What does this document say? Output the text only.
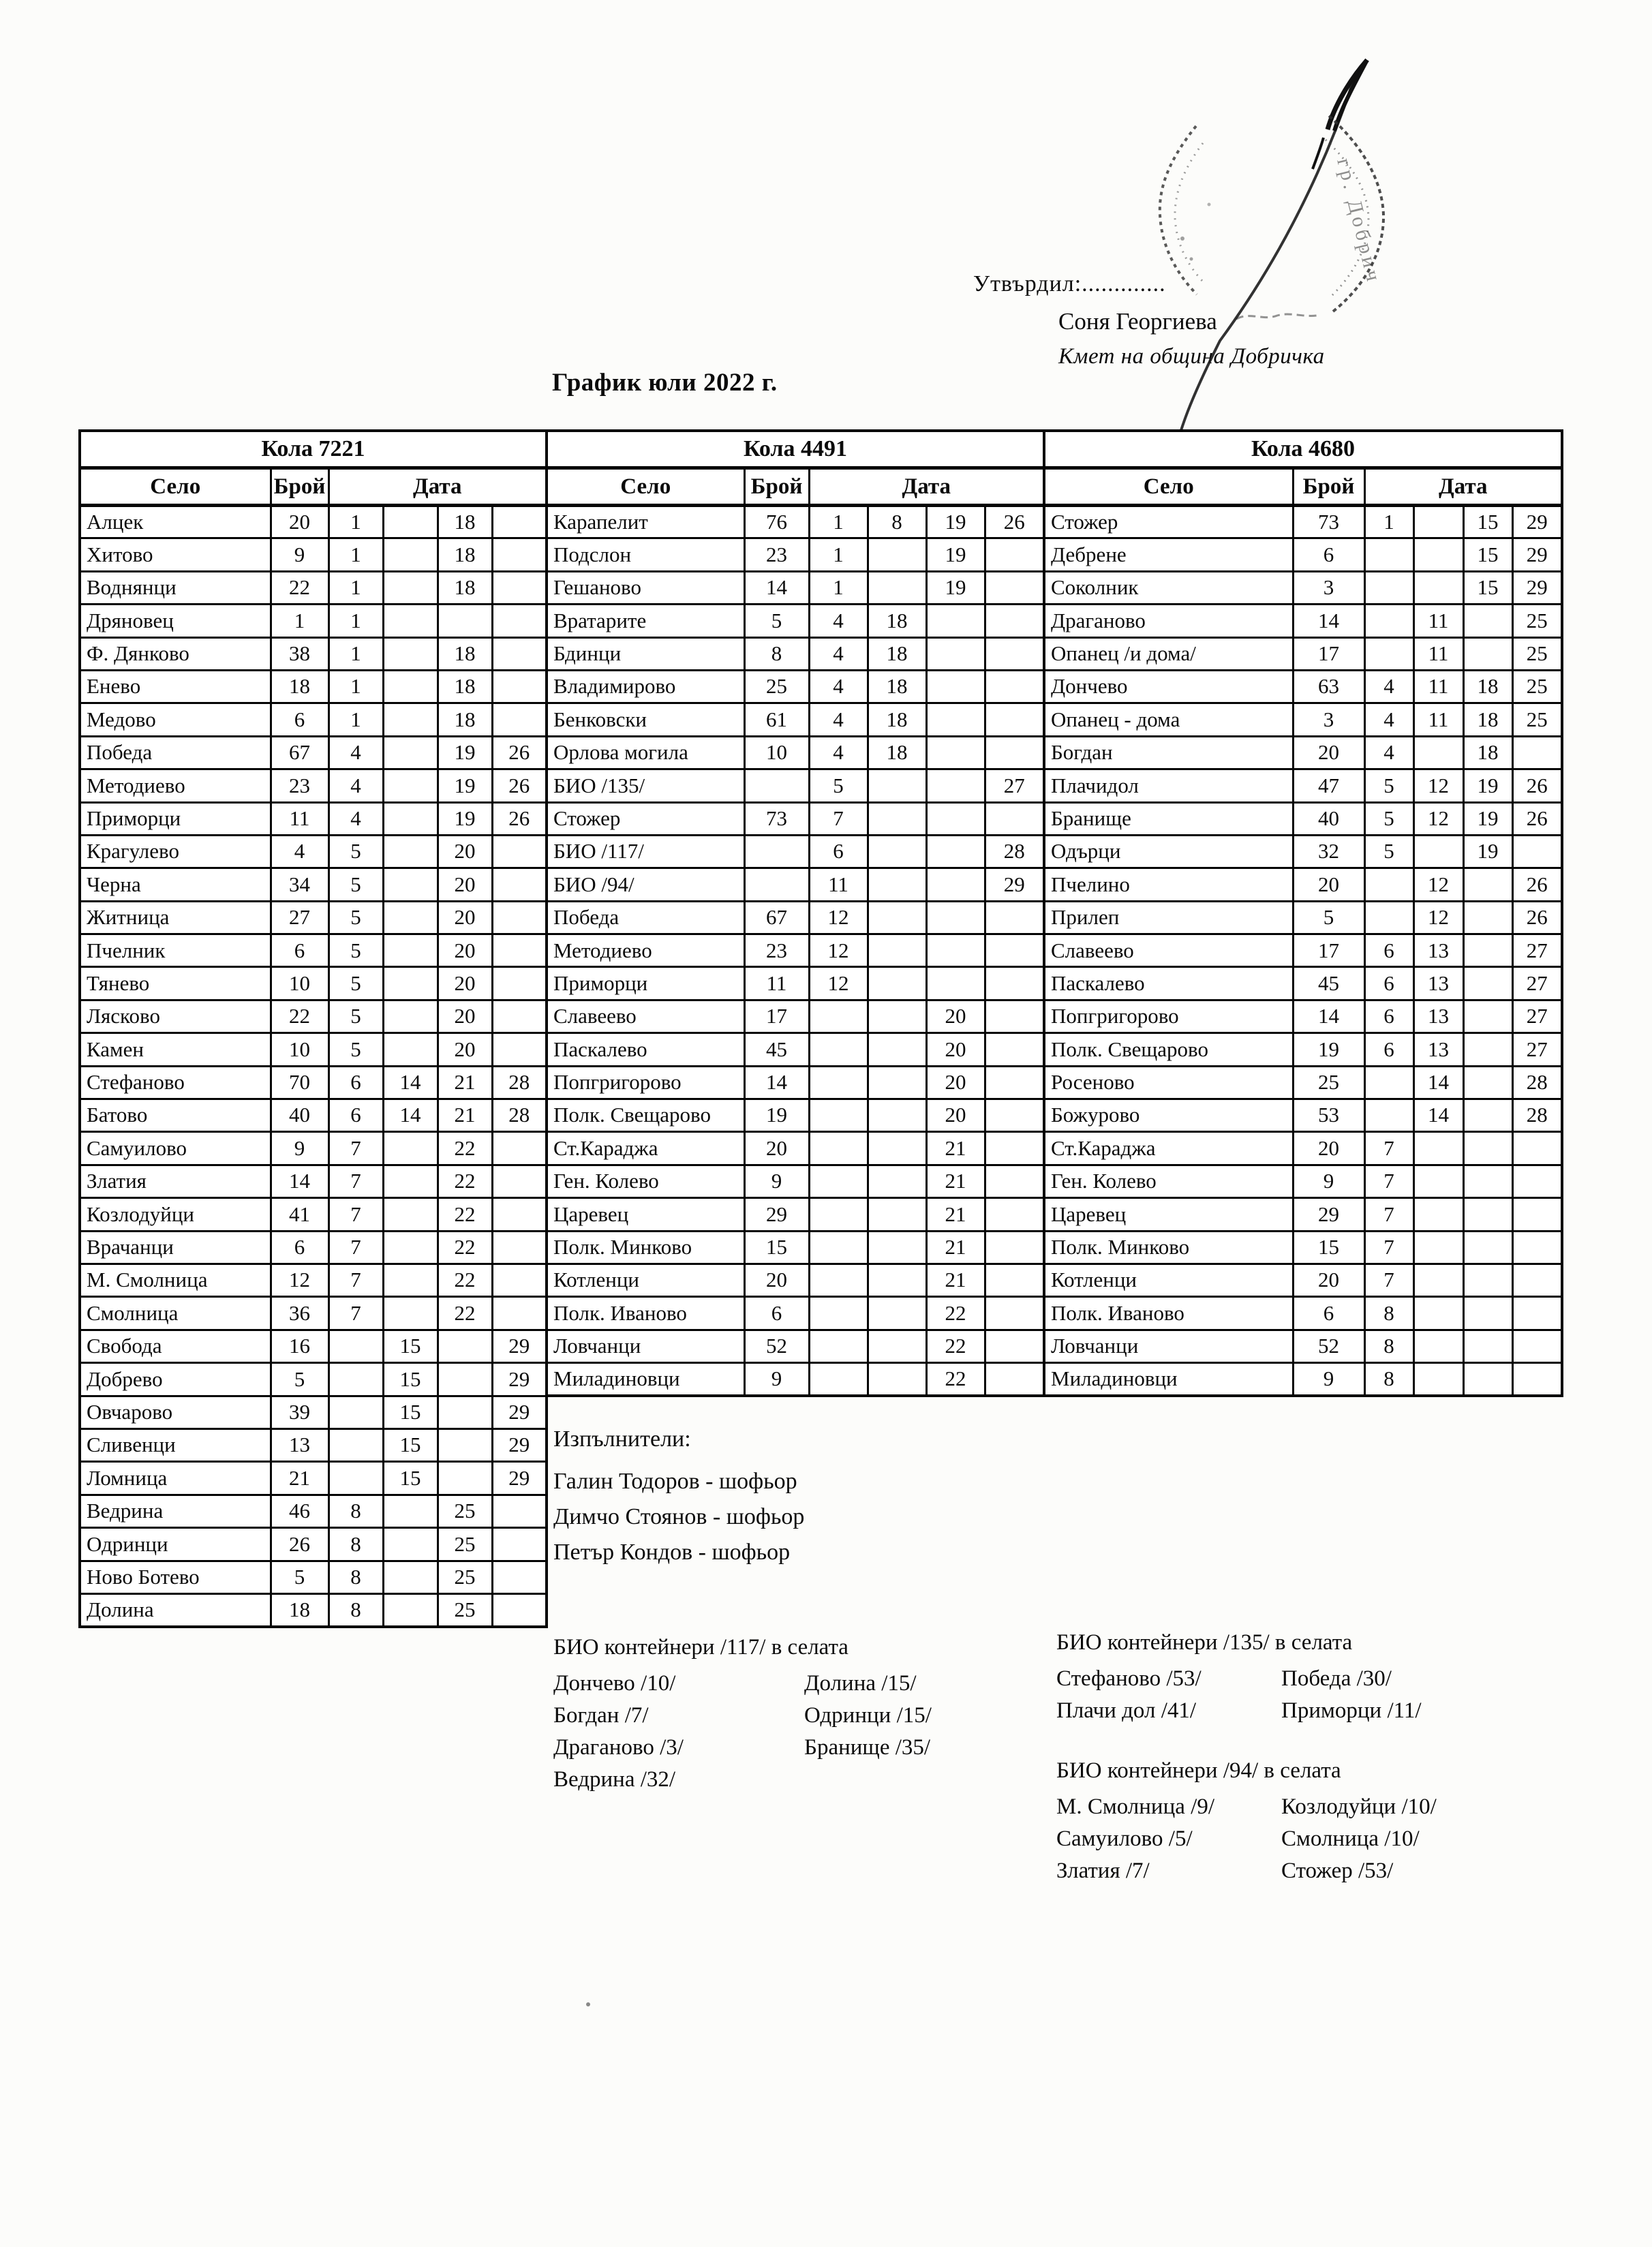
Утвърдил:.............
Соня Георгиева
Кмет на община Добричка
График юли 2022 г.
гр. Добрич
Кола 7221					
Село	Брой	Дата			
Алцек	20	1		18	
Хитово	9	1		18	
Воднянци	22	1		18	
Дряновец	1	1			
Ф. Дянково	38	1		18	
Енево	18	1		18	
Медово	6	1		18	
Победа	67	4		19	26
Методиево	23	4		19	26
Приморци	11	4		19	26
Крагулево	4	5		20	
Черна	34	5		20	
Житница	27	5		20	
Пчелник	6	5		20	
Тянево	10	5		20	
Лясково	22	5		20	
Камен	10	5		20	
Стефаново	70	6	14	21	28
Батово	40	6	14	21	28
Самуилово	9	7		22	
Златия	14	7		22	
Козлодуйци	41	7		22	
Врачанци	6	7		22	
М. Смолница	12	7		22	
Смолница	36	7		22	
Свобода	16		15		29
Добрево	5		15		29
Овчарово	39		15		29
Сливенци	13		15		29
Ломница	21		15		29
Ведрина	46	8		25	
Одринци	26	8		25	
Ново Ботево	5	8		25	
Долина	18	8		25	
Кола 4491					
Село	Брой	Дата			
Карапелит	76	1	8	19	26
Подслон	23	1		19	
Гешаново	14	1		19	
Вратарите	5	4	18		
Бдинци	8	4	18		
Владимирово	25	4	18		
Бенковски	61	4	18		
Орлова могила	10	4	18		
БИО /135/		5			27
Стожер	73	7			
БИО /117/		6			28
БИО /94/		11			29
Победа	67	12			
Методиево	23	12			
Приморци	11	12			
Славеево	17			20	
Паскалево	45			20	
Попгригорово	14			20	
Полк. Свещарово	19			20	
Ст.Караджа	20			21	
Ген. Колево	9			21	
Царевец	29			21	
Полк. Минково	15			21	
Котленци	20			21	
Полк. Иваново	6			22	
Ловчанци	52			22	
Миладиновци	9			22	
Кола 4680					
Село	Брой	Дата			
Стожер	73	1		15	29
Дебрене	6			15	29
Соколник	3			15	29
Драганово	14		11		25
Опанец /и дома/	17		11		25
Дончево	63	4	11	18	25
Опанец - дома	3	4	11	18	25
Богдан	20	4		18	
Плачидол	47	5	12	19	26
Бранище	40	5	12	19	26
Одърци	32	5		19	
Пчелино	20		12		26
Прилеп	5		12		26
Славеево	17	6	13		27
Паскалево	45	6	13		27
Попгригорово	14	6	13		27
Полк. Свещарово	19	6	13		27
Росеново	25		14		28
Божурово	53		14		28
Ст.Караджа	20	7			
Ген. Колево	9	7			
Царевец	29	7			
Полк. Минково	15	7			
Котленци	20	7			
Полк. Иваново	6	8			
Ловчанци	52	8			
Миладиновци	9	8			
Изпълнители:
Галин Тодоров - шофьор
Димчо Стоянов - шофьор
Петър Кондов - шофьор
БИО контейнери /117/ в селата
Дончево /10/
Богдан /7/
Драганово /3/
Ведрина /32/
Долина /15/
Одринци /15/
Бранище /35/
БИО контейнери /135/ в селата
Стефаново /53/
Плачи дол /41/
Победа /30/
Приморци /11/
БИО контейнери /94/ в селата
М. Смолница /9/
Самуилово /5/
Златия /7/
Козлодуйци /10/
Смолница /10/
Стожер /53/
